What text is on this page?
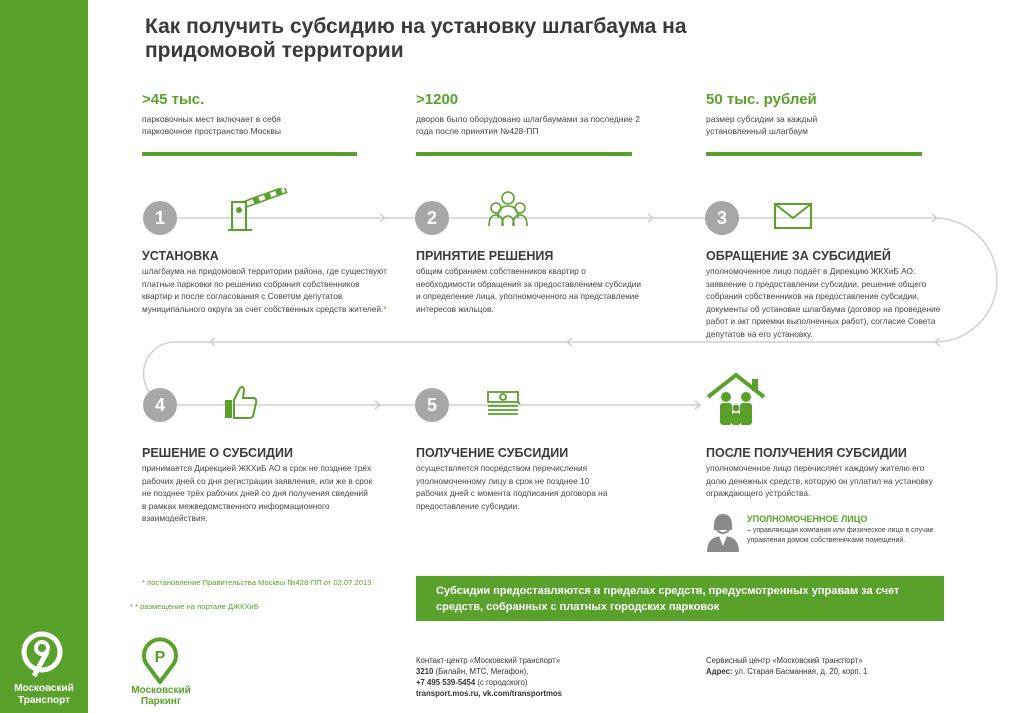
Московский
Транспорт
Как получить субсидию на установку шлагбаума на придомовой территории
>45 тыс.
парковочных мест включает в себя парковочное пространство Москвы
>1200
дворов было оборудовано шлагбаумами за последние 2 года после принятия №428-ПП
50 тыс. рублей
размер субсидии за каждый установленный шлагбаум
1	2	3
4	5
УСТАНОВКА
шлагбаума на придомовой территории района, где существуют платные парковки по решению собрания собственников квартир и после согласования с Советом депутатов муниципального округа за счет собственных средств жителей.*
ПРИНЯТИЕ РЕШЕНИЯ
общим собранием собственников квартир о необходимости обращения за предоставлением субсидии и определение лица, уполномоченного на представление интересов жильцов.
ОБРАЩЕНИЕ ЗА СУБСИДИЕЙ
уполномоченное лицо подаёт в Дирекцию ЖКХиБ АО: заявление о предоставлении субсидии, решение общего собрания собственников на предоставление субсидии, документы об установке шлагбаума (договор на проведение работ и акт приемки выполненных работ), согласие Совета депутатов на его установку.
РЕШЕНИЕ О СУБСИДИИ
принимается Дирекцией ЖКХиБ АО в срок не позднее трёх рабочих дней со дня регистрации заявления, или же в срок не позднее трёх рабочих дней со дня получения сведений в рамках межведомственного информационного взаимодействия.
ПОЛУЧЕНИЕ СУБСИДИИ
осуществляется посредством перечисления уполномоченному лицу в срок не позднее 10 рабочих дней с момента подписания договора на предоставление субсидии.
ПОСЛЕ ПОЛУЧЕНИЯ СУБСИДИИ
уполномоченное лицо перечисляет каждому жителю его долю денежных средств, которую он уплатил на установку ограждающего устройства.
УПОЛНОМОЧЕННОЕ ЛИЦО
– управляющая компания или физическое лицо в случае управления домом собственниками помещений.
* постановление Правительства Москвы №428-ПП от 02.07.2013
* * размещение на портале ДЖКХиБ
Субсидии предоставляются в пределах средств, предусмотренных управам за счет средств, собранных с платных городских парковок
P
Московский
Паркинг
Контакт-центр «Московский транспорт»
3210 (Билайн, МТС, Мегафон),
+7 495 539-5454 (с городского)
transport.mos.ru, vk.com/transportmos
Сервисный центр «Московский транспорт»
Адрес: ул. Старая Басманная, д. 20, корп. 1
